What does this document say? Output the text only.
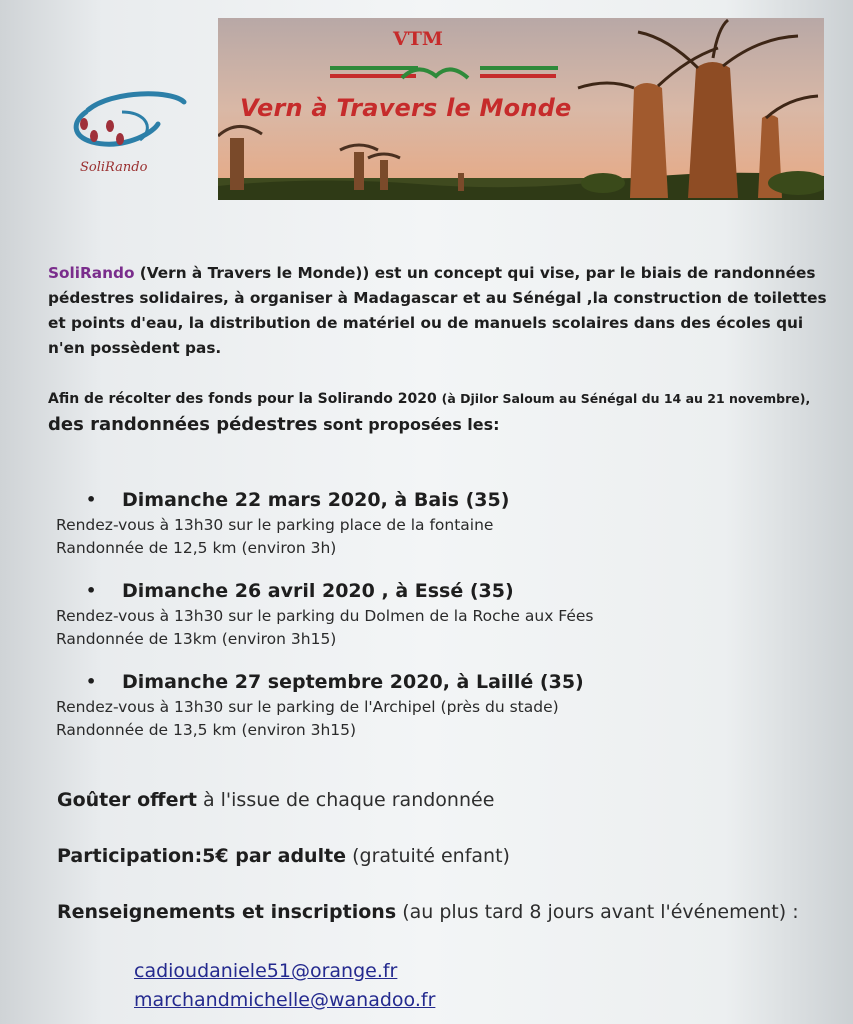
SoliRando
VTM
Vern à Travers le Monde
SoliRando (Vern à Travers le Monde)) est un concept qui vise, par le biais de randonnées pédestres solidaires, à organiser à Madagascar et au Sénégal ,la construction de toilettes et points d'eau, la distribution de matériel ou de manuels scolaires dans des écoles qui n'en possèdent pas.
Afin de récolter des fonds pour la Solirando 2020 (à Djilor Saloum au Sénégal du 14 au 21 novembre), des randonnées pédestres sont proposées les:
•	Dimanche 22 mars 2020, à Bais (35)
Rendez-vous à 13h30 sur le parking place de la fontaine
Randonnée de 12,5 km (environ 3h)
•	Dimanche 26 avril 2020 , à Essé (35)
Rendez-vous à 13h30 sur le parking du Dolmen de la Roche aux Fées
Randonnée de 13km (environ 3h15)
•	Dimanche 27 septembre 2020, à Laillé (35)
Rendez-vous à 13h30 sur le parking de l'Archipel (près du stade)
Randonnée de 13,5 km (environ 3h15)
Goûter offert à l'issue de chaque randonnée
Participation:5€ par adulte (gratuité enfant)
Renseignements et inscriptions (au plus tard 8 jours avant l'événement) :
cadioudaniele51@orange.fr
marchandmichelle@wanadoo.fr
